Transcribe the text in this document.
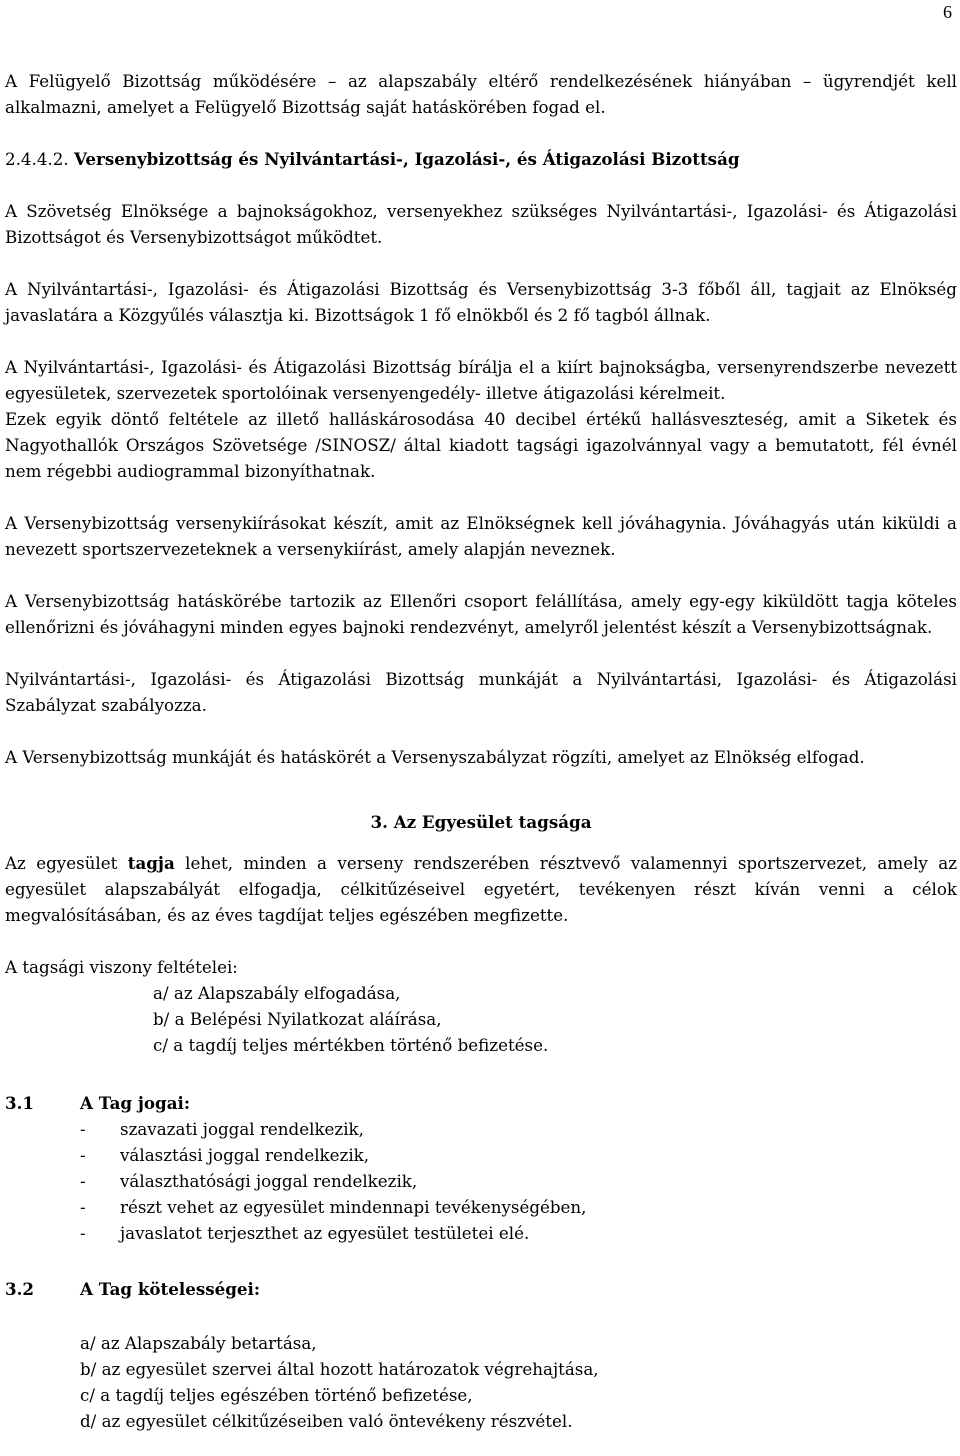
6

A Felügyelő Bizottság működésére – az alapszabály eltérő rendelkezésének hiányában – ügyrendjét kell alkalmazni, amelyet a Felügyelő Bizottság saját hatáskörében fogad el.

2.4.4.2. Versenybizottság és Nyilvántartási-, Igazolási-, és Átigazolási Bizottság

A Szövetség Elnöksége a bajnokságokhoz, versenyekhez szükséges Nyilvántartási-, Igazolási- és Átigazolási Bizottságot és Versenybizottságot működtet.

A Nyilvántartási-, Igazolási- és Átigazolási Bizottság és Versenybizottság 3-3 főből áll, tagjait az Elnökség javaslatára a Közgyűlés választja ki. Bizottságok 1 fő elnökből és 2 fő tagból állnak.

A Nyilvántartási-, Igazolási- és Átigazolási Bizottság bírálja el a kiírt bajnokságba, versenyrendszerbe nevezett egyesületek, szervezetek sportolóinak versenyengedély- illetve átigazolási kérelmeit.

Ezek egyik döntő feltétele az illető halláskárosodása 40 decibel értékű hallásveszteség, amit a Siketek és Nagyothallók Országos Szövetsége /SINOSZ/ által kiadott tagsági igazolvánnyal vagy a bemutatott, fél évnél nem régebbi audiogrammal bizonyíthatnak.

A Versenybizottság versenykiírásokat készít, amit az Elnökségnek kell jóváhagynia. Jóváhagyás után kiküldi a nevezett sportszervezeteknek a versenykiírást, amely alapján neveznek.

A Versenybizottság hatáskörébe tartozik az Ellenőri csoport felállítása, amely egy-egy kiküldött tagja köteles ellenőrizni és jóváhagyni minden egyes bajnoki rendezvényt, amelyről jelentést készít a Versenybizottságnak.

Nyilvántartási-, Igazolási- és Átigazolási Bizottság munkáját a Nyilvántartási, Igazolási- és Átigazolási Szabályzat szabályozza.

A Versenybizottság munkáját és hatáskörét a Versenyszabályzat rögzíti, amelyet az Elnökség elfogad.

3. Az Egyesület tagsága

Az egyesület tagja lehet, minden a verseny rendszerében résztvevő valamennyi sportszervezet, amely az egyesület alapszabályát elfogadja, célkitűzéseivel egyetért, tevékenyen részt kíván venni a célok megvalósításában, és az éves tagdíjat teljes egészében megfizette.

A tagsági viszony feltételei:

a/ az Alapszabály elfogadása,
b/ a Belépési Nyilatkozat aláírása,
c/ a tagdíj teljes mértékben történő befizetése.
3.1	A Tag jogai:
-	szavazati joggal rendelkezik,
-	választási joggal rendelkezik,
-	választhatósági joggal rendelkezik,
-	részt vehet az egyesület mindennapi tevékenységében,
-	javaslatot terjeszthet az egyesület testületei elé.
3.2	A Tag kötelességei:
a/ az Alapszabály betartása,
b/ az egyesület szervei által hozott határozatok végrehajtása,
c/ a tagdíj teljes egészében történő befizetése,
d/ az egyesület célkitűzéseiben való öntevékeny részvétel.
